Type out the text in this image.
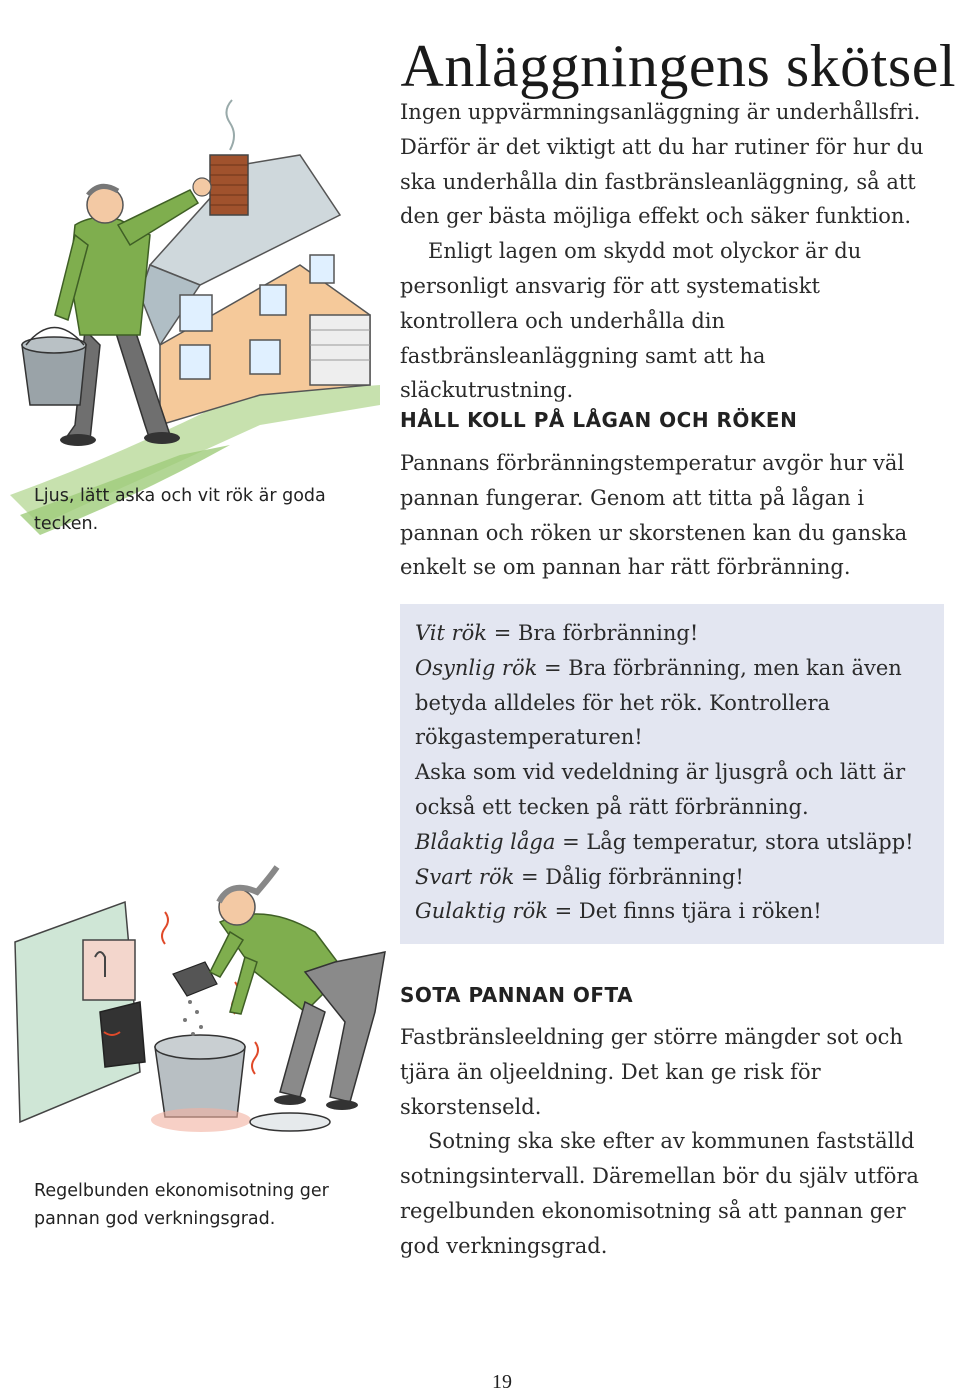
Anläggningens skötsel

Ingen uppvärmningsanläggning är underhållsfri. Därför är det viktigt att du har rutiner för hur du ska underhålla din fastbränsleanläggning, så att den ger bästa möjliga effekt och säker funktion.

Enligt lagen om skydd mot olyckor är du personligt ansvarig för att systematiskt kontrollera och underhålla din fastbränsleanläggning samt att ha släckutrustning.

HÅLL KOLL PÅ LÅGAN OCH RÖKEN

Pannans förbränningstemperatur avgör hur väl pannan fungerar. Genom att titta på lågan i pannan och röken ur skorstenen kan du ganska enkelt se om pannan har rätt förbränning.

Ljus, lätt aska och vit rök är goda tecken.

Vit rök = Bra förbränning!

Osynlig rök = Bra förbränning, men kan även betyda alldeles för het rök. Kontrollera rökgastemperaturen!

Aska som vid vedeldning är ljusgrå och lätt är också ett tecken på rätt förbränning.

Blåaktig låga = Låg temperatur, stora utsläpp!

Svart rök = Dålig förbränning!

Gulaktig rök = Det finns tjära i röken!

SOTA PANNAN OFTA

Fastbränsleeldning ger större mängder sot och tjära än oljeeldning. Det kan ge risk för skorstenseld.

Sotning ska ske efter av kommunen fastställd sotningsintervall. Däremellan bör du själv utföra regelbunden ekonomisotning så att pannan ger god verkningsgrad.

Regelbunden ekonomisotning ger pannan god verkningsgrad.
19
